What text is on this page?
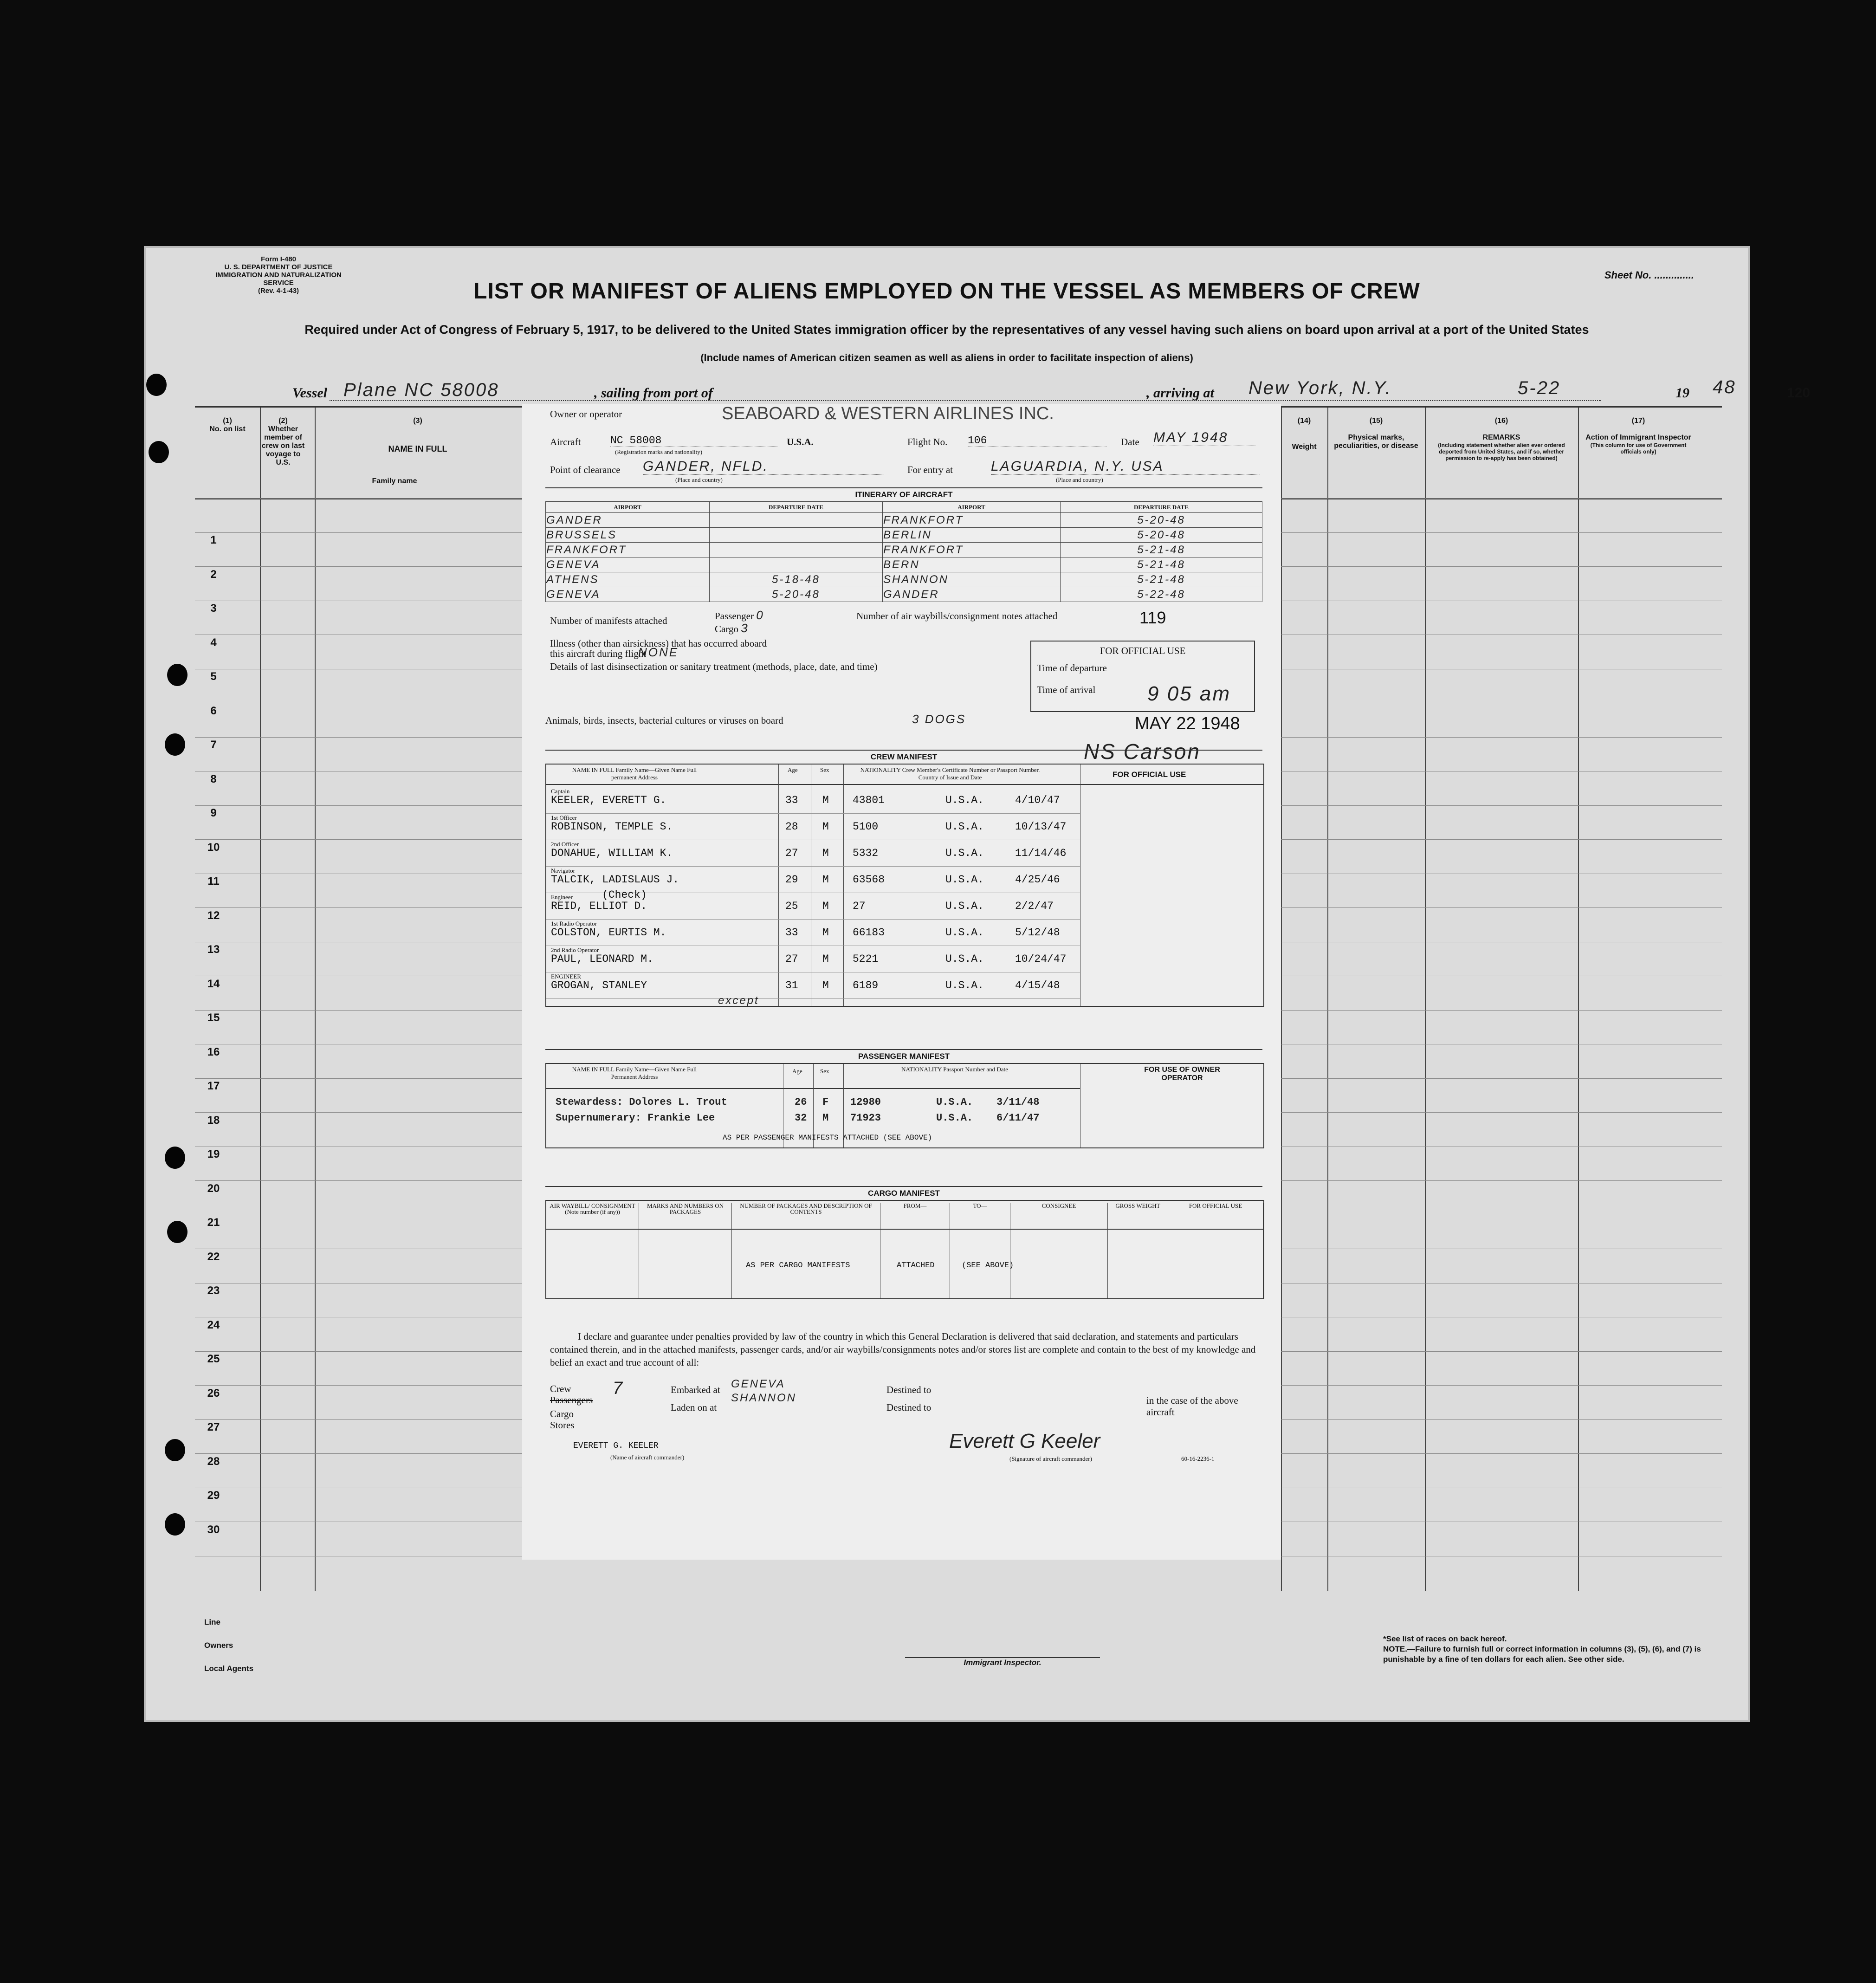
Form I-480
U. S. DEPARTMENT OF JUSTICE
IMMIGRATION AND NATURALIZATION SERVICE
(Rev. 4-1-43)
Sheet No. ..............
LIST OR MANIFEST OF ALIENS EMPLOYED ON THE VESSEL AS MEMBERS OF CREW
Required under Act of Congress of February 5, 1917, to be delivered to the United States immigration officer by the representatives of any vessel having such aliens on board upon arrival at a port of the United States
(Include names of American citizen seamen as well as aliens in order to facilitate inspection of aliens)
Vessel Plane NC 58008	, sailing from port of	, arriving at New York, N.Y.	5-22	19 48	120
(2)
Whether member of crew on last voyage to U.S.
(1)
No. on list
(3)
NAME IN FULL
Family name
(14)
Weight
(15)
Physical marks, peculiarities, or disease
(16)
REMARKS
(Including statement whether alien ever ordered deported from United States, and if so, whether permission to re-apply has been obtained)
(17)
Action of Immigrant Inspector
(This column for use of Government officials only)
1
2
3
4
5
6
7
8
9
10
11
12
13
14
15
16
17
18
19
20
21
22
23
24
25
26
27
28
29
30
Line
Owners
Local Agents
Immigrant Inspector.
*See list of races on back hereof.
NOTE.—Failure to furnish full or correct information in columns (3), (5), (6), and (7) is punishable by a fine of ten dollars for each alien. See other side.
Owner or operator	SEABOARD & WESTERN AIRLINES INC.
Aircraft	NC 58008
(Registration marks and nationality)
U.S.A.	Flight No. 106	Date MAY 1948
Point of clearance GANDER, NFLD.
(Place and country)
For entry at	LAGUARDIA, N.Y. USA
(Place and country)
ITINERARY OF AIRCRAFT
AIRPORT	DEPARTURE DATE	AIRPORT	DEPARTURE DATE
GANDER		FRANKFORT	5-20-48
BRUSSELS		BERLIN	5-20-48
FRANKFORT		FRANKFORT	5-21-48
GENEVA		BERN	5-21-48
ATHENS	5-18-48	SHANNON	5-21-48
GENEVA	5-20-48	GANDER	5-22-48
Number of manifests attached	Passenger 0
Cargo 3
Number of air waybills/consignment notes attached	119
Illness (other than airsickness) that has occurred aboard this aircraft during flight
NONE
Details of last disinsectization or sanitary treatment (methods, place, date, and time)
FOR OFFICIAL USE
Time of departure
Time of arrival	9 05 am
Animals, birds, insects, bacterial cultures or viruses on board	3 DOGS	MAY 22 1948
NS Carson
CREW MANIFEST
NAME IN FULL Family Name—Given Name Full permanent Address
Age	Sex	NATIONALITY Crew Member's Certificate Number or Passport Number. Country of Issue and Date	FOR OFFICIAL USE
Captain
KEELER, EVERETT G.	33 M 43801	U.S.A.	4/10/47
1st Officer
ROBINSON, TEMPLE S.	28 M 5100	U.S.A.	10/13/47
2nd Officer
DONAHUE, WILLIAM K.	27 M 5332	U.S.A.	11/14/46
Navigator
TALCIK, LADISLAUS J.	29 M 63568	U.S.A.	4/25/46
Engineer
REID, ELLIOT D.	25 M 27	U.S.A.	2/2/47
(Check)
1st Radio Operator
COLSTON, EURTIS M.	33 M 66183	U.S.A.	5/12/48
2nd Radio Operator
PAUL, LEONARD M.	27 M 5221	U.S.A.	10/24/47
ENGINEER
GROGAN, STANLEY	31 M 6189	U.S.A.	4/15/48
except
PASSENGER MANIFEST
NAME IN FULL Family Name—Given Name Full Permanent Address
Age	Sex	NATIONALITY Passport Number and Date	FOR USE OF OWNER OPERATOR
Stewardess: Dolores L. Trout	26 F 12980	U.S.A. 3/11/48
Supernumerary: Frankie Lee	32 M 71923	U.S.A. 6/11/47
AS PER PASSENGER MANIFESTS ATTACHED (SEE ABOVE)
CARGO MANIFEST
AIR WAYBILL/ CONSIGNMENT (Note number (if any))
MARKS AND NUMBERS ON PACKAGES
NUMBER OF PACKAGES AND DESCRIPTION OF CONTENTS
FROM—	TO—	CONSIGNEE	GROSS WEIGHT	FOR OFFICIAL USE
AS PER CARGO MANIFESTS	ATTACHED	(SEE ABOVE)
I declare and guarantee under penalties provided by law of the country in which this General Declaration is delivered that said declaration, and statements and particulars contained therein, and in the attached manifests, passenger cards, and/or air waybills/consignments notes and/or stores list are complete and contain to the best of my knowledge and belief an exact and true account of all:
Crew
Passengers
Cargo
Stores
7	Embarked at GENEVA
Laden on at
SHANNON
Destined to
Destined to
in the case of the above aircraft
EVERETT G. KEELER
(Name of aircraft commander)
Everett G Keeler
(Signature of aircraft commander)	60-16-2236-1
